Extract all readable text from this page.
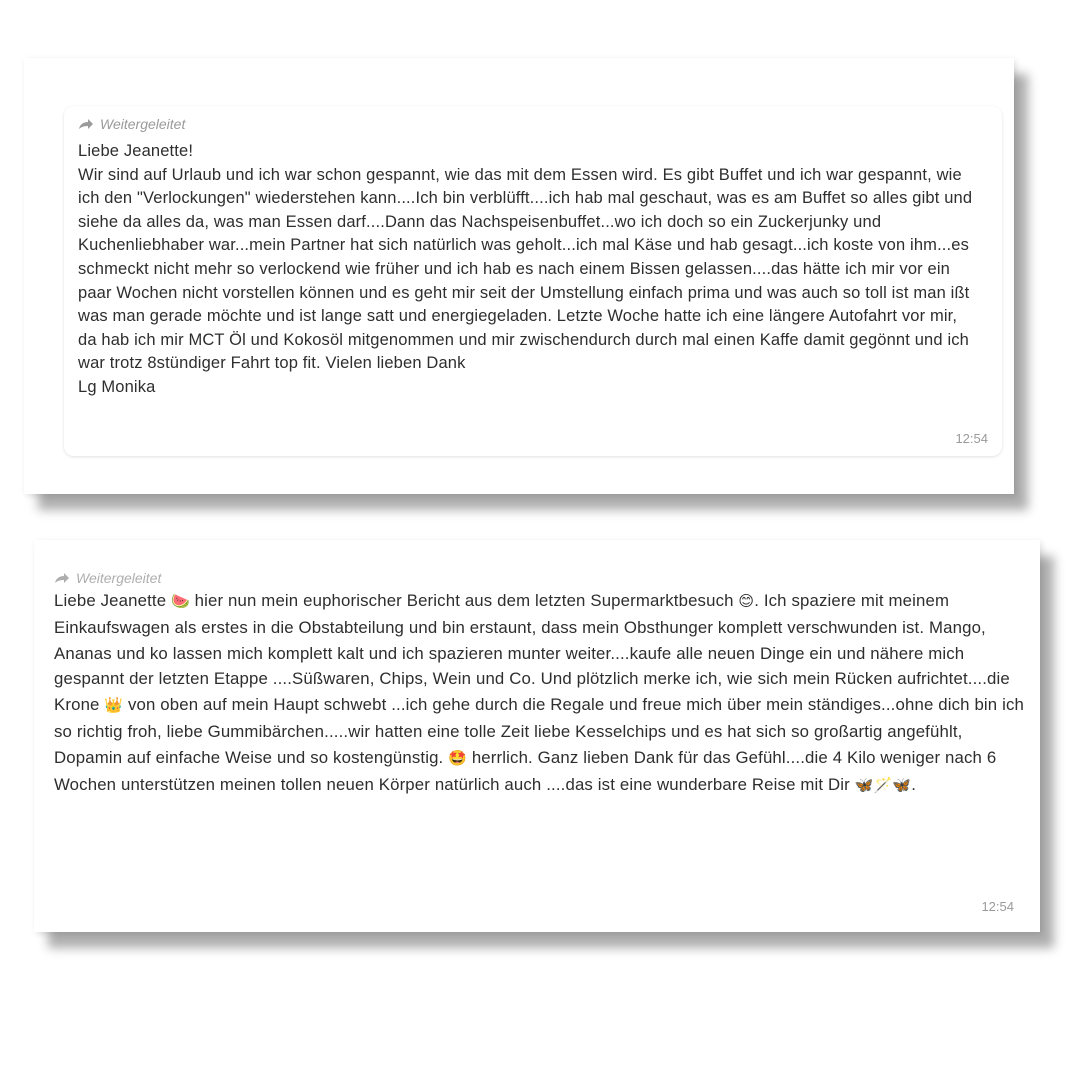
Weitergeleitet

Liebe Jeanette!

Wir sind auf Urlaub und ich war schon gespannt, wie das mit dem Essen wird. Es gibt Buffet und ich war gespannt, wie ich den "Verlockungen" wiederstehen kann....Ich bin verblüfft....ich hab mal geschaut, was es am Buffet so alles gibt und siehe da alles da, was man Essen darf....Dann das Nachspeisenbuffet...wo ich doch so ein Zuckerjunky und Kuchenliebhaber war...mein Partner hat sich natürlich was geholt...ich mal Käse und hab gesagt...ich koste von ihm...es schmeckt nicht mehr so verlockend wie früher und ich hab es nach einem Bissen gelassen....das hätte ich mir vor ein paar Wochen nicht vorstellen können und es geht mir seit der Umstellung einfach prima und was auch so toll ist man ißt was man gerade möchte und ist lange satt und energiegeladen. Letzte Woche hatte ich eine längere Autofahrt vor mir, da hab ich mir MCT Öl und Kokosöl mitgenommen und mir zwischendurch durch mal einen Kaffe damit gegönnt und ich war trotz 8stündiger Fahrt top fit. Vielen lieben Dank

Lg Monika

12:54
Weitergeleitet
Liebe Jeanette 🍉 hier nun mein euphorischer Bericht aus dem letzten Supermarktbesuch 😊. Ich spaziere mit meinem Einkaufswagen als erstes in die Obstabteilung und bin erstaunt, dass mein Obsthunger komplett verschwunden ist. Mango, Ananas und ko lassen mich komplett kalt und ich spazieren munter weiter....kaufe alle neuen Dinge ein und nähere mich gespannt der letzten Etappe ....Süßwaren, Chips, Wein und Co. Und plötzlich merke ich, wie sich mein Rücken aufrichtet....die Krone 👑 von oben auf mein Haupt schwebt ...ich gehe durch die Regale und freue mich über mein ständiges...ohne dich bin ich so richtig froh, liebe Gummibärchen.....wir hatten eine tolle Zeit liebe Kesselchips und es hat sich so großartig angefühlt, Dopamin auf einfache Weise und so kostengünstig. 🤩 herrlich. Ganz lieben Dank für das Gefühl....die 4 Kilo weniger nach 6 Wochen unterstützen meinen tollen neuen Körper natürlich auch ....das ist eine wunderbare Reise mit Dir 🦋🪄🦋.
12:54
